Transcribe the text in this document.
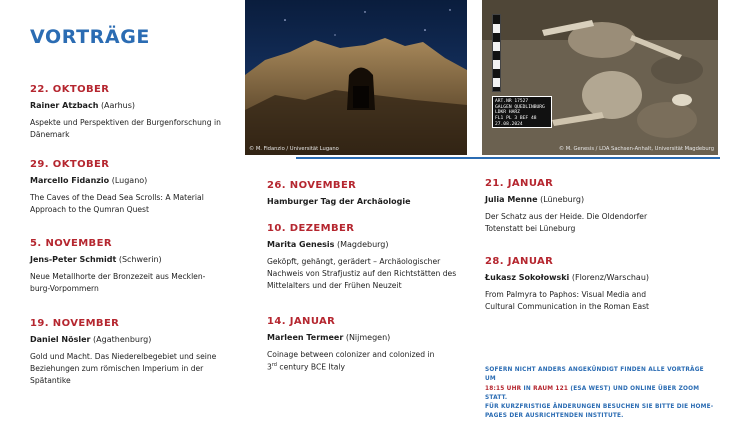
VORTRÄGE
© M. Fidanzio / Universität Lugano
ART.NR 17527
GALGEN QUEDLINBURG
LDKR HARZ
FL1 PL 3 BEF 48
27.08.2024
© M. Genesis / LDA Sachsen-Anhalt, Universität Magdeburg
22. OKTOBER
Rainer Atzbach (Aarhus)
Aspekte und Perspektiven der Burgenforschung in
Dänemark
29. OKTOBER
Marcello Fidanzio (Lugano)
The Caves of the Dead Sea Scrolls: A Material
Approach to the Qumran Quest
5. NOVEMBER
Jens-Peter Schmidt (Schwerin)
Neue Metallhorte der Bronzezeit aus Mecklen-
burg-Vorpommern
19. NOVEMBER
Daniel Nösler (Agathenburg)
Gold und Macht. Das Niederelbegebiet und seine
Beziehungen zum römischen Imperium in der
Spätantike
26. NOVEMBER
Hamburger Tag der Archäologie
10. DEZEMBER
Marita Genesis (Magdeburg)
Geköpft, gehängt, gerädert – Archäologischer
Nachweis von Strafjustiz auf den Richtstätten des
Mittelalters und der Frühen Neuzeit
14. JANUAR
Marleen Termeer (Nijmegen)
Coinage between colonizer and colonized in
3rd century BCE Italy
21. JANUAR
Julia Menne (Lüneburg)
Der Schatz aus der Heide. Die Oldendorfer
Totenstatt bei Lüneburg
28. JANUAR
Łukasz Sokołowski (Florenz/Warschau)
From Palmyra to Paphos: Visual Media and
Cultural Communication in the Roman East
SOFERN NICHT ANDERS ANGEKÜNDIGT FINDEN ALLE VORTRÄGE UM
18:15 UHR IN RAUM 121 (ESA WEST) UND ONLINE ÜBER ZOOM STATT.
FÜR KURZFRISTIGE ÄNDERUNGEN BESUCHEN SIE BITTE DIE HOME-
PAGES DER AUSRICHTENDEN INSTITUTE.
